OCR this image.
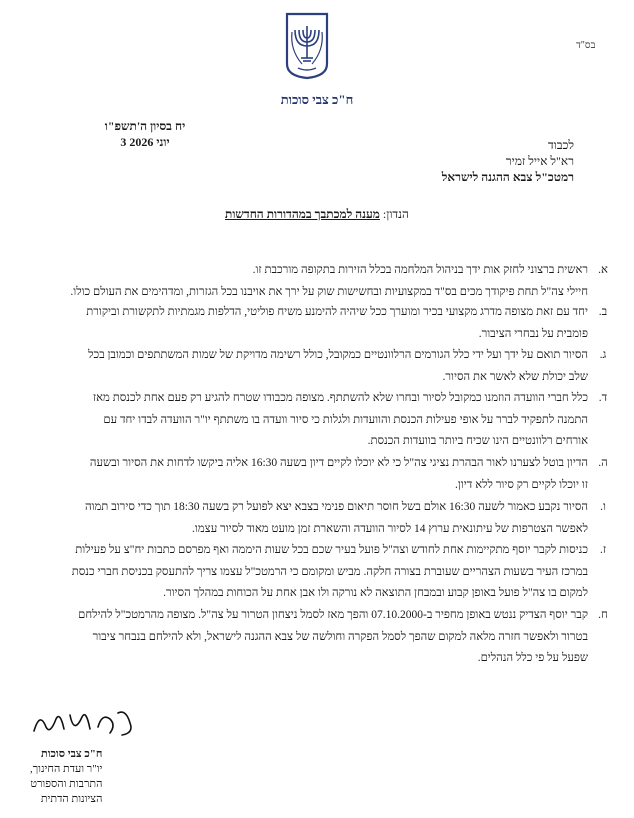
בס"ד
ח"כ צבי סוכות
יח בסיון ה'תשפ"ו
3 יוני 2026	לכבוד
רא"ל אייל זמיר
רמטכ"ל צבא ההגנה לישראל
הנדון: מענה למכתבך במהדורות החדשות
א.
ראשית ברצוני לחזק אות ידך בניהול המלחמה בכלל הזירות בתקופה מורכבת זו.
חיילי צה"ל תחת פיקודך מכים בס"ד במקצועיות ובחשישות שוק על ירך את אויבנו בכל הגזרות, ומדהימים את העולם כולו.
ב.
יחד עם זאת מצופה מדרג מקצועי בכיר ומוערך ככל שיהיה להימנע משיח פוליטי, הדלפות מגמתיות לתקשורת וביקורת
פומבית על נבחרי הציבור.
ג.
הסיור תואם על ידך ועל ידי כלל הגורמים הרלוונטיים כמקובל, כולל רשימה מדויקת של שמות המשתתפים וכמובן בכל
שלב יכולת שלא לאשר את הסיור.
ד.
כלל חברי הוועדה הוזמנו כמקובל לסיור ובחרו שלא להשתתף. מצופה מכבודו שטרח להגיע רק פעם אחת לכנסת מאז
התמנה לתפקיד לברר על אופי פעילות הכנסת והוועדות ולגלות כי סיור וועדה בו משתתף יו"ר הוועדה לבדו יחד עם
אורחים רלוונטיים הינו שכיח ביותר בוועדות הכנסת.
ה.
הדיון בוטל לצערנו לאור הבהרת נציגי צה"ל כי לא יוכלו לקיים דיון בשעה 16:30 אליה ביקשו לדחות את הסיור ובשעה
זו יוכלו לקיים רק סיור ללא דיון.
ו.
הסיור נקבע כאמור לשעה 16:30 אולם בשל חוסר תיאום פנימי בצבא יצא לפועל רק בשעה 18:30 תוך כדי סירוב תמוה
לאפשר הצטרפות של עיתונאית ערוץ 14 לסיור הוועדה והשארת זמן מועט מאוד לסיור עצמו.
ז.
כניסות לקבר יוסף מתקיימות אחת לחודש וצה"ל פועל בעיר שכם בכל שעות היממה ואף מפרסם כתבות יח"צ על פעילות
במרכז העיר בשעות הצהריים שעוברת בצורה חלקה. מביש ומקומם כי הרמטכ"ל עצמו צריך להתעסק בכניסת חברי כנסת
למקום בו צה"ל פועל באופן קבוע ובמבחן התוצאה לא נורקה ולו אבן אחת על הכוחות במהלך הסיור.
ח.
קבר יוסף הצדיק ננטש באופן מחפיר ב-07.10.2000 והפך מאז לסמל ניצחון הטרור על צה"ל. מצופה מהרמטכ"ל להילחם
בטרור ולאפשר חזרה מלאה למקום שהפך לסמל הפקרה וחולשה של צבא ההגנה לישראל, ולא להילחם בנבחר ציבור
שפעל על פי כלל הנהלים.
ח"כ צבי סוכות
יו"ר ועדת החינוך,
התרבות והספורט
הציונות הדתית
